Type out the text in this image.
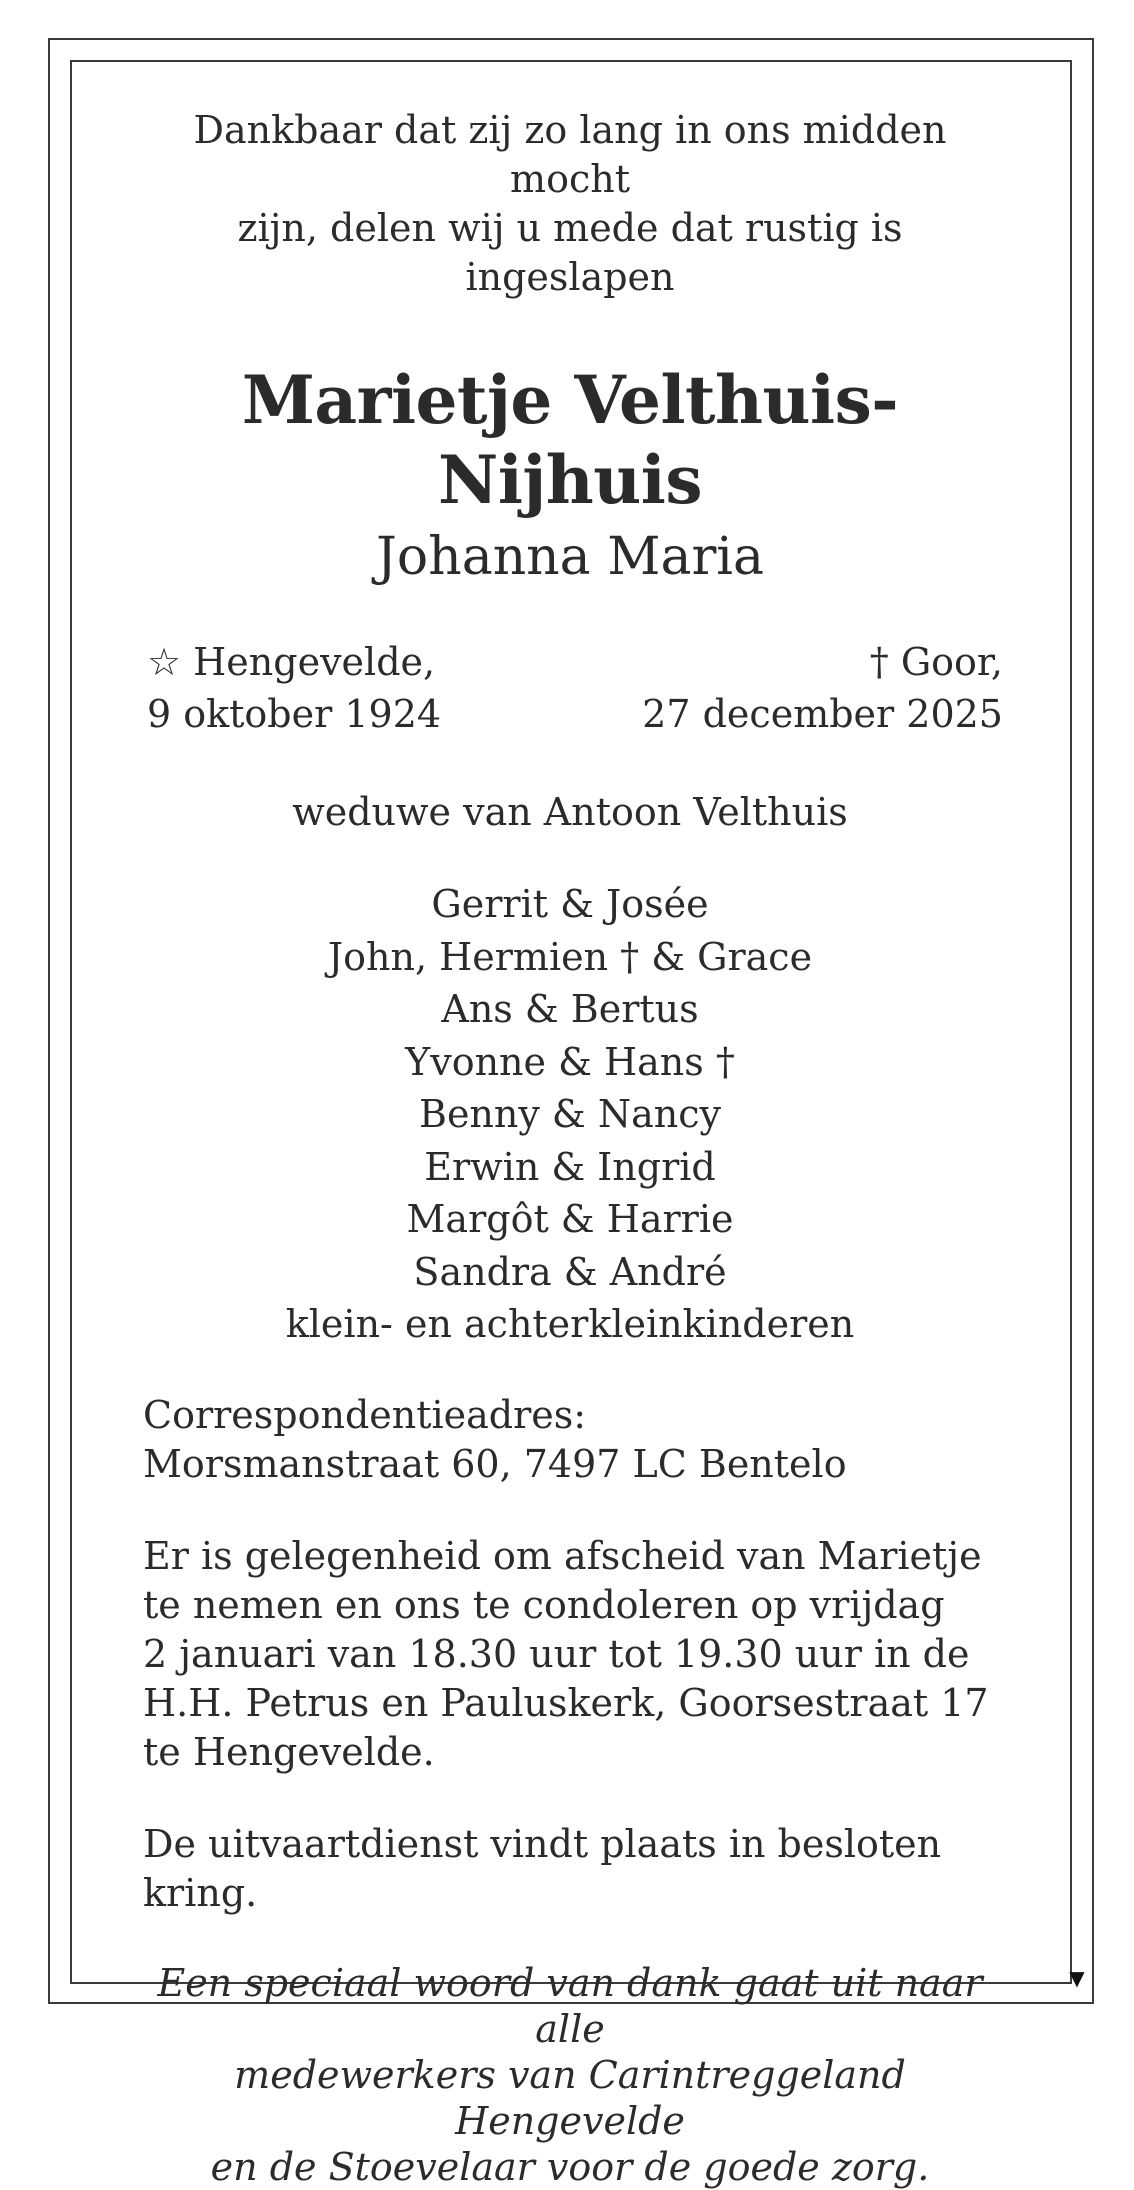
Dankbaar dat zij zo lang in ons midden mocht
zijn, delen wij u mede dat rustig is ingeslapen

Marietje Velthuis-Nijhuis
Johanna Maria
☆ Hengevelde,
9 oktober 1924
† Goor,
27 december 2025

weduwe van Antoon Velthuis

Gerrit & Josée
John, Hermien † & Grace
Ans & Bertus
Yvonne & Hans †
Benny & Nancy
Erwin & Ingrid
Margôt & Harrie
Sandra & André
klein- en achterkleinkinderen

Correspondentieadres:
Morsmanstraat 60, 7497 LC Bentelo

Er is gelegenheid om afscheid van Marietje
te nemen en ons te condoleren op vrijdag
2 januari van 18.30 uur tot 19.30 uur in de
H.H. Petrus en Pauluskerk, Goorsestraat 17
te Hengevelde.

De uitvaartdienst vindt plaats in besloten
kring.

Een speciaal woord van dank gaat uit naar alle
medewerkers van Carintreggeland Hengevelde
en de Stoevelaar voor de goede zorg.

▼
